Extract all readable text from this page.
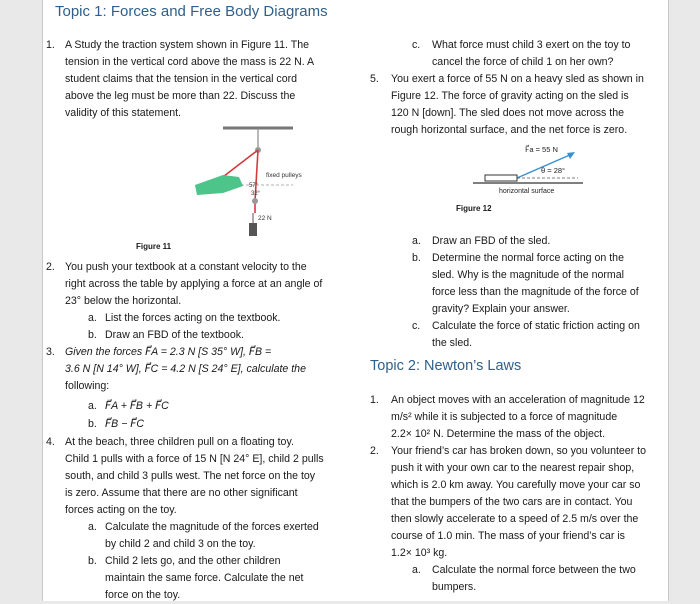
Topic 1: Forces and Free Body Diagrams
1. A Study the traction system shown in Figure 11. The
tension in the vertical cord above the mass is 22 N. A
student claims that the tension in the vertical cord
above the leg must be more than 22. Discuss the
validity of this statement.
fixed pulleys
57°
32°
22 N
Figure 11
2. You push your textbook at a constant velocity to the
right across the table by applying a force at an angle of
23° below the horizontal.
a. List the forces acting on the textbook.
b. Draw an FBD of the textbook.
3. Given the forces F⃗A = 2.3 N [S 35° W], F⃗B =
3.6 N [N 14° W], F⃗C = 4.2 N [S 24° E], calculate the
following:
a. F⃗A + F⃗B + F⃗C
b. F⃗B − F⃗C
4. At the beach, three children pull on a floating toy.
Child 1 pulls with a force of 15 N [N 24° E], child 2 pulls
south, and child 3 pulls west. The net force on the toy
is zero. Assume that there are no other significant
forces acting on the toy.
a. Calculate the magnitude of the forces exerted
by child 2 and child 3 on the toy.
b. Child 2 lets go, and the other children
maintain the same force. Calculate the net
force on the toy.
c. What force must child 3 exert on the toy to
cancel the force of child 1 on her own?
5. You exert a force of 55 N on a heavy sled as shown in
Figure 12. The force of gravity acting on the sled is
120 N [down]. The sled does not move across the
rough horizontal surface, and the net force is zero.
F⃗a = 55 N
θ = 28°
horizontal surface
Figure 12
a. Draw an FBD of the sled.
b. Determine the normal force acting on the
sled. Why is the magnitude of the normal
force less than the magnitude of the force of
gravity? Explain your answer.
c. Calculate the force of static friction acting on
the sled.
Topic 2: Newton’s Laws
1. An object moves with an acceleration of magnitude 12
m/s² while it is subjected to a force of magnitude
2.2× 10² N. Determine the mass of the object.
2. Your friend’s car has broken down, so you volunteer to
push it with your own car to the nearest repair shop,
which is 2.0 km away. You carefully move your car so
that the bumpers of the two cars are in contact. You
then slowly accelerate to a speed of 2.5 m/s over the
course of 1.0 min. The mass of your friend’s car is
1.2× 10³ kg.
a. Calculate the normal force between the two
bumpers.
